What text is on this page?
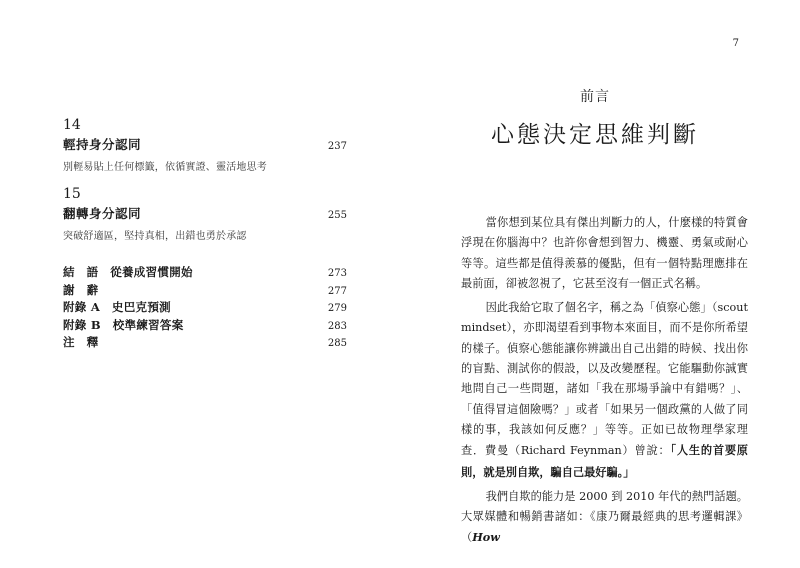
14
輕持身分認同	237
別輕易貼上任何標籤，依循實證、靈活地思考
15
翻轉身分認同	255
突破舒適區，堅持真相，出錯也勇於承認
結　語　從養成習慣開始	273
謝　辭	277
附錄 A　史巴克預測	279
附錄 B　校準練習答案	283
注　釋	285
7
前言
心態決定思維判斷

當你想到某位具有傑出判斷力的人，什麼樣的特質會浮現在你腦海中？也許你會想到智力、機靈、勇氣或耐心等等。這些都是值得羨慕的優點，但有一個特點理應排在最前面，卻被忽視了，它甚至沒有一個正式名稱。

因此我給它取了個名字，稱之為「偵察心態」（scout mindset），亦即渴望看到事物本來面目，而不是你所希望的樣子。偵察心態能讓你辨識出自己出錯的時候、找出你的盲點、測試你的假設，以及改變歷程。它能驅動你誠實地問自己一些問題，諸如「我在那場爭論中有錯嗎？」、「值得冒這個險嗎？」或者「如果另一個政黨的人做了同樣的事，我該如何反應？」等等。正如已故物理學家理查．費曼（Richard Feynman）曾說：「人生的首要原則，就是別自欺，騙自己最好騙。」

我們自欺的能力是 2000 到 2010 年代的熱門話題。大眾媒體和暢銷書諸如：《康乃爾最經典的思考邏輯課》（How
